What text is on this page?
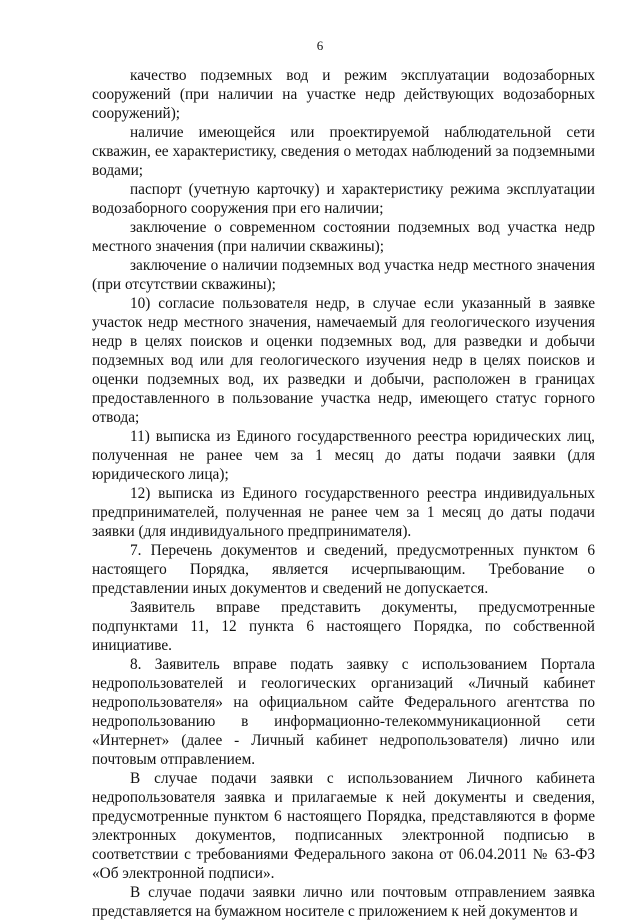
6

качество подземных вод и режим эксплуатации водозаборных сооружений (при наличии на участке недр действующих водозаборных сооружений);

наличие имеющейся или проектируемой наблюдательной сети скважин, ее характеристику, сведения о методах наблюдений за подземными водами;

паспорт (учетную карточку) и характеристику режима эксплуатации водозаборного сооружения при его наличии;

заключение о современном состоянии подземных вод участка недр местного значения (при наличии скважины);

заключение о наличии подземных вод участка недр местного значения (при отсутствии скважины);

10) согласие пользователя недр, в случае если указанный в заявке участок недр местного значения, намечаемый для геологического изучения недр в целях поисков и оценки подземных вод, для разведки и добычи подземных вод или для геологического изучения недр в целях поисков и оценки подземных вод, их разведки и добычи, расположен в границах предоставленного в пользование участка недр, имеющего статус горного отвода;

11) выписка из Единого государственного реестра юридических лиц, полученная не ранее чем за 1 месяц до даты подачи заявки (для юридического лица);

12) выписка из Единого государственного реестра индивидуальных предпринимателей, полученная не ранее чем за 1 месяц до даты подачи заявки (для индивидуального предпринимателя).

7. Перечень документов и сведений, предусмотренных пунктом 6 настоящего Порядка, является исчерпывающим. Требование о представлении иных документов и сведений не допускается.

Заявитель вправе представить документы, предусмотренные подпунктами 11, 12 пункта 6 настоящего Порядка, по собственной инициативе.

8. Заявитель вправе подать заявку с использованием Портала недропользователей и геологических организаций «Личный кабинет недропользователя» на официальном сайте Федерального агентства по недропользованию в информационно-телекоммуникационной сети «Интернет» (далее - Личный кабинет недропользователя) лично или почтовым отправлением.

В случае подачи заявки с использованием Личного кабинета недропользователя заявка и прилагаемые к ней документы и сведения, предусмотренные пунктом 6 настоящего Порядка, представляются в форме электронных документов, подписанных электронной подписью в соответствии с требованиями Федерального закона от 06.04.2011 № 63-ФЗ «Об электронной подписи».

В случае подачи заявки лично или почтовым отправлением заявка представляется на бумажном носителе с приложением к ней документов и
